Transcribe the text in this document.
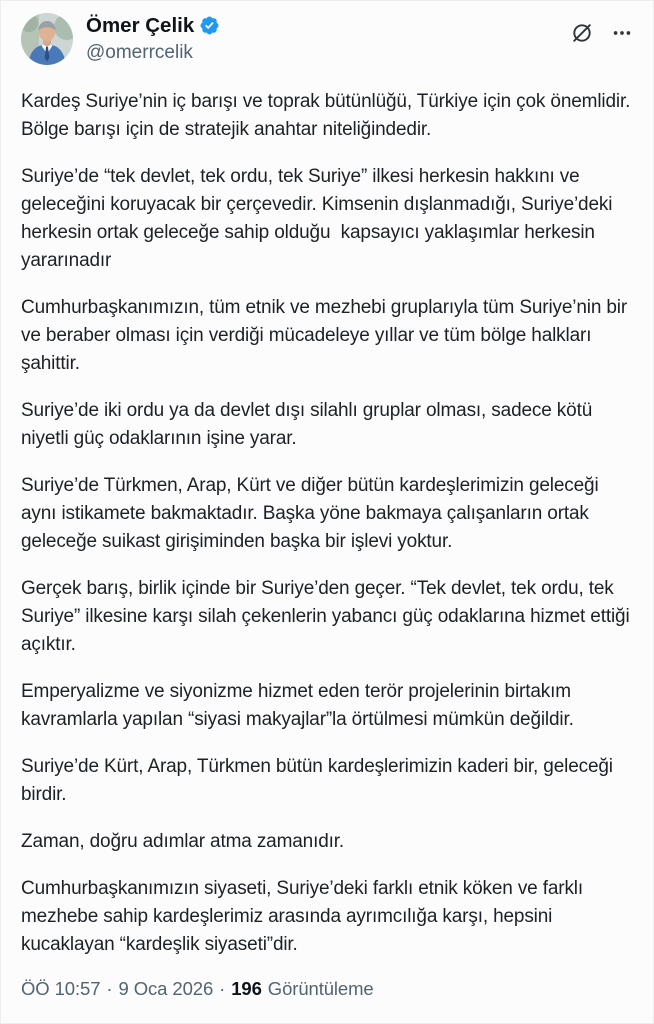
Ömer Çelik
@omerrcelik

Kardeş Suriye’nin iç barışı ve toprak bütünlüğü, Türkiye için çok önemlidir. Bölge barışı için de stratejik anahtar niteliğindedir.

Suriye’de “tek devlet, tek ordu, tek Suriye” ilkesi herkesin hakkını ve geleceğini koruyacak bir çerçevedir. Kimsenin dışlanmadığı, Suriye’deki herkesin ortak geleceğe sahip olduğu  kapsayıcı yaklaşımlar herkesin yararınadır

Cumhurbaşkanımızın, tüm etnik ve mezhebi gruplarıyla tüm Suriye’nin bir ve beraber olması için verdiği mücadeleye yıllar ve tüm bölge halkları şahittir.

Suriye’de iki ordu ya da devlet dışı silahlı gruplar olması, sadece kötü niyetli güç odaklarının işine yarar.

Suriye’de Türkmen, Arap, Kürt ve diğer bütün kardeşlerimizin geleceği aynı istikamete bakmaktadır. Başka yöne bakmaya çalışanların ortak geleceğe suikast girişiminden başka bir işlevi yoktur.

Gerçek barış, birlik içinde bir Suriye’den geçer. “Tek devlet, tek ordu, tek Suriye” ilkesine karşı silah çekenlerin yabancı güç odaklarına hizmet ettiği açıktır.

Emperyalizme ve siyonizme hizmet eden terör projelerinin birtakım kavramlarla yapılan “siyasi makyajlar”la örtülmesi mümkün değildir.

Suriye’de Kürt, Arap, Türkmen bütün kardeşlerimizin kaderi bir, geleceği birdir.

Zaman, doğru adımlar atma zamanıdır.

Cumhurbaşkanımızın siyaseti, Suriye’deki farklı etnik köken ve farklı mezhebe sahip kardeşlerimiz arasında ayrımcılığa karşı, hepsini kucaklayan “kardeşlik siyaseti”dir.

ÖÖ 10:57 · 9 Oca 2026 · 196 Görüntüleme
